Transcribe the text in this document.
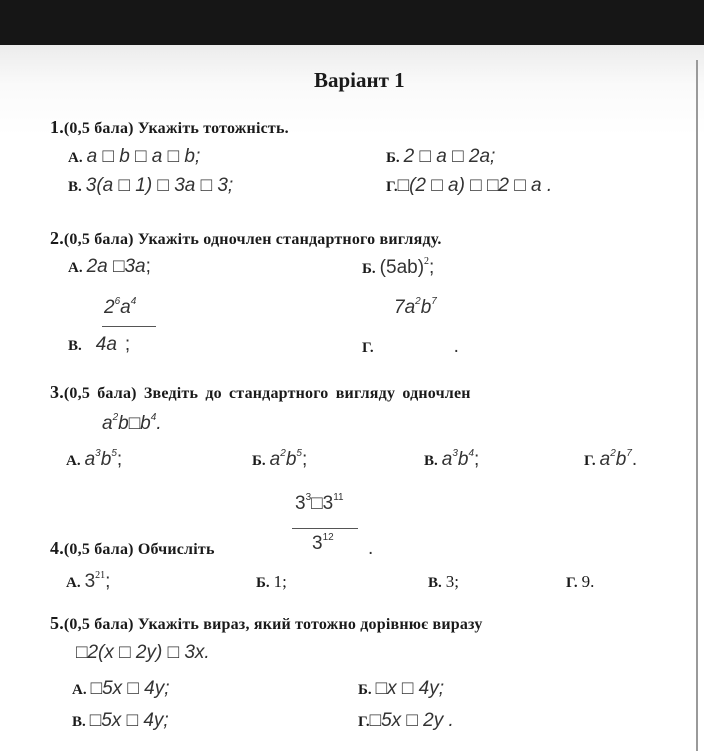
Варіант 1
1.(0,5 бала) Укажіть тотожність.
А. a □ b □ a □ b;	Б. 2 □ a □ 2a;
В. 3(a □ 1) □ 3a □ 3;	Г.□(2 □ a) □ □2 □ a .
2.(0,5 бала) Укажіть одночлен стандартного вигляду.
А. 2a □3a;	Б. $(5ab)^2$;
$2^6a^4$
В. 4a ;
$7a^2b^7$
Г.	.
3.(0,5 бала) Зведіть до стандартного вигляду одночлен
$a^2b□b^4$.
А. $a^3b^5$;	Б. $a^2b^5$;	В. $a^3b^4$;	Г. $a^2b^7$.
$3^3□3^{11}$
$3^{12}$
4.(0,5 бала) Обчисліть	.
А. $3^{21}$;	Б. 1;	В. 3;	Г. 9.
5.(0,5 бала) Укажіть вираз, який тотожно дорівнює виразу
□2(x □ 2y) □ 3x.
А. □5x □ 4y;	Б. □x □ 4y;
В. □5x □ 4y;	Г.□5x □ 2y .
